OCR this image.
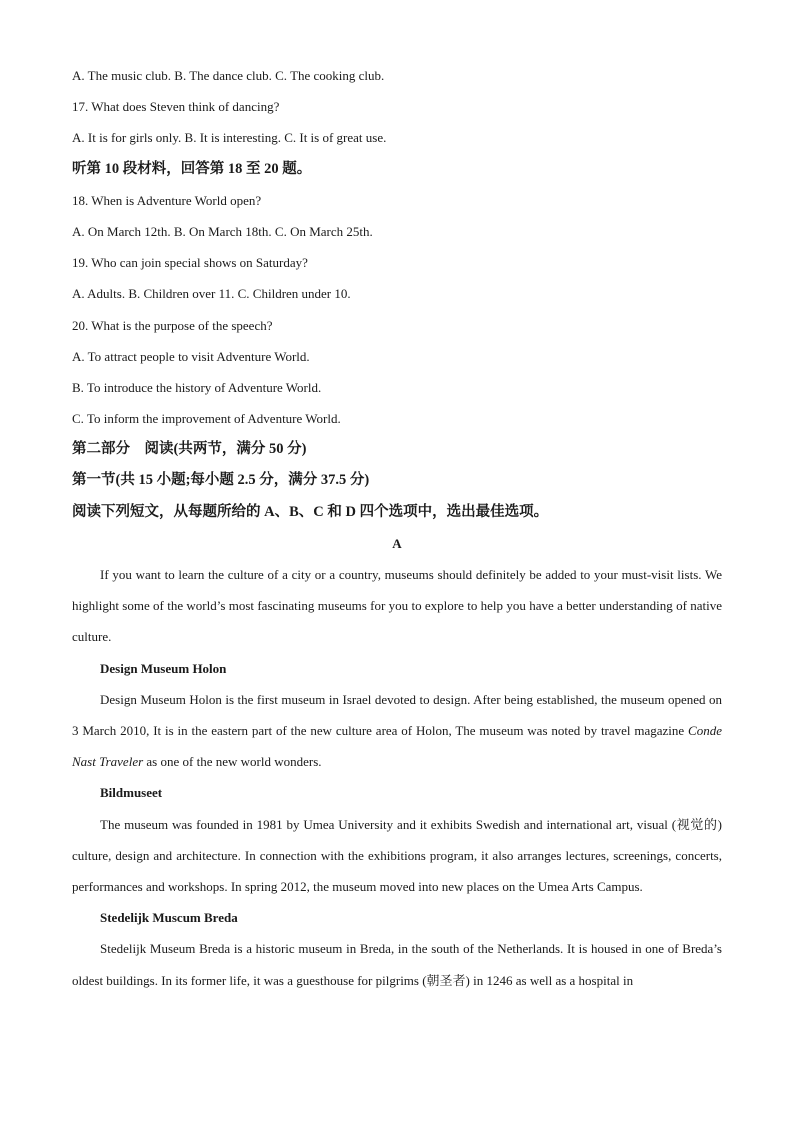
A. The music club. B. The dance club. C. The cooking club.
17. What does Steven think of dancing?
A. It is for girls only. B. It is interesting. C. It is of great use.
听第 10 段材料，回答第 18 至 20 题。
18. When is Adventure World open?
A. On March 12th. B. On March 18th. C. On March 25th.
19. Who can join special shows on Saturday?
A. Adults. B. Children over 11. C. Children under 10.
20. What is the purpose of the speech?
A. To attract people to visit Adventure World.
B. To introduce the history of Adventure World.
C. To inform the improvement of Adventure World.
第二部分　阅读(共两节，满分 50 分)
第一节(共 15 小题;每小题 2.5 分，满分 37.5 分)
阅读下列短文，从每题所给的 A、B、C 和 D 四个选项中，选出最佳选项。
A

If you want to learn the culture of a city or a country, museums should definitely be added to your must-visit lists. We highlight some of the world’s most fascinating museums for you to explore to help you have a better understanding of native culture.

Design Museum Holon

Design Museum Holon is the first museum in Israel devoted to design. After being established, the museum opened on 3 March 2010, It is in the eastern part of the new culture area of Holon, The museum was noted by travel magazine Conde Nast Traveler as one of the new world wonders.

Bildmuseet

The museum was founded in 1981 by Umea University and it exhibits Swedish and international art, visual (视觉的) culture, design and architecture. In connection with the exhibitions program, it also arranges lectures, screenings, concerts, performances and workshops. In spring 2012, the museum moved into new places on the Umea Arts Campus.

Stedelijk Muscum Breda

Stedelijk Museum Breda is a historic museum in Breda, in the south of the Netherlands. It is housed in one of Breda’s oldest buildings. In its former life, it was a guesthouse for pilgrims (朝圣者) in 1246 as well as a hospital in
